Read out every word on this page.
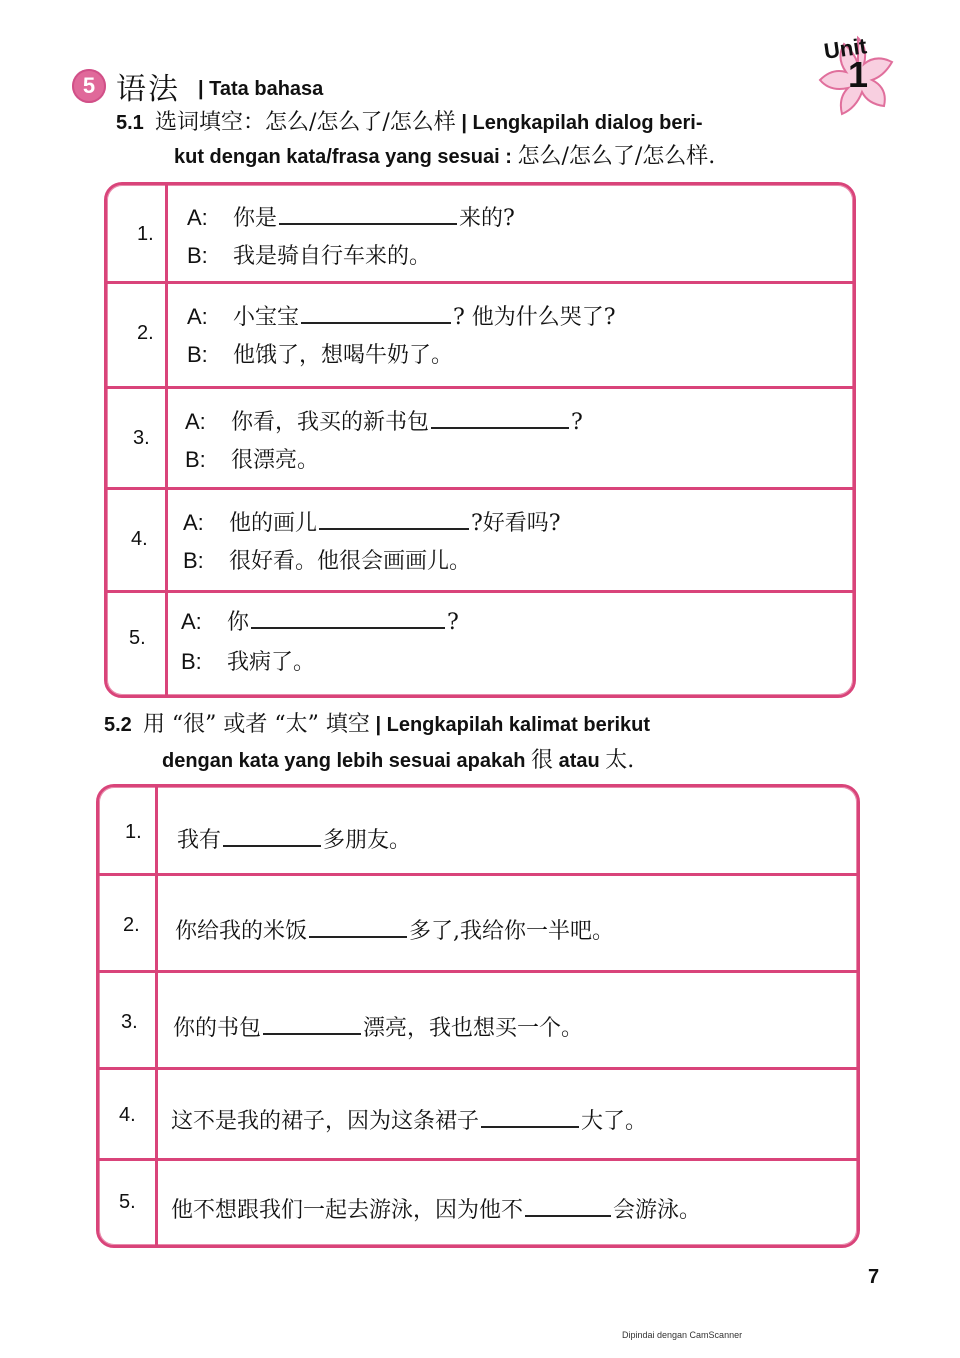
5 语法 | Tata bahasa
Unit
1
5.1 选词填空：怎么/怎么了/怎么样 | Lengkapilah dialog beri-
kut dengan kata/frasa yang sesuai : 怎么/怎么了/怎么样.
1.
A:	你是	来的?
B:	我是骑自行车来的。
2.
A:	小宝宝	? 他为什么哭了?
B:	他饿了，想喝牛奶了。
3.
A:	你看，我买的新书包	?
B:	很漂亮。
4.
A:	他的画儿	?好看吗?
B:	很好看。他很会画画儿。
5.
A:	你	?
B:	我病了。
5.2 用 “很” 或者 “太” 填空 | Lengkapilah kalimat berikut
dengan kata yang lebih sesuai apakah 很 atau 太.
1. 我有	多朋友。
2. 你给我的米饭	多了,我给你一半吧。
3. 你的书包	漂亮，我也想买一个。
4. 这不是我的裙子，因为这条裙子	大了。
5. 他不想跟我们一起去游泳，因为他不	会游泳。
7
Dipindai dengan CamScanner
